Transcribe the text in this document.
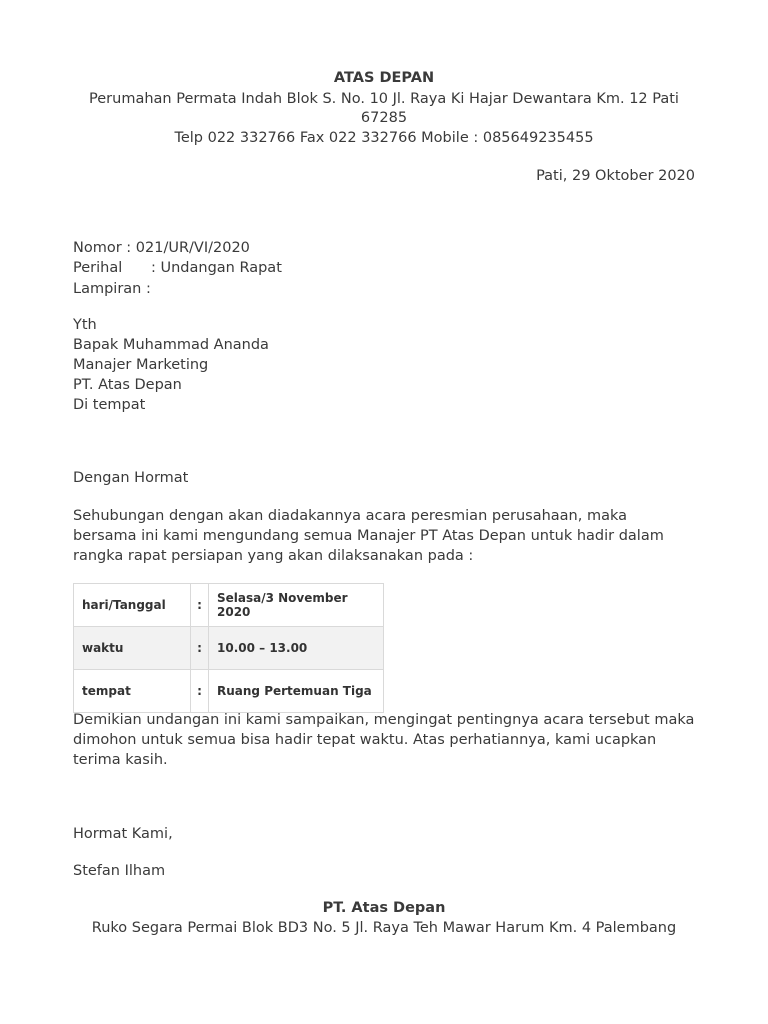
ATAS DEPAN
Perumahan Permata Indah Blok S. No. 10 Jl. Raya Ki Hajar Dewantara Km. 12 Pati
67285
Telp 022 332766 Fax 022 332766 Mobile : 085649235455
Pati, 29 Oktober 2020
Nomor : 021/UR/VI/2020
Perihal : Undangan Rapat
Lampiran :
Yth
Bapak Muhammad Ananda
Manajer Marketing
PT. Atas Depan
Di tempat
Dengan Hormat
Sehubungan dengan akan diadakannya acara peresmian perusahaan, maka
bersama ini kami mengundang semua Manajer PT Atas Depan untuk hadir dalam
rangka rapat persiapan yang akan dilaksanakan pada :
hari/Tanggal	:	Selasa/3 November 2020
waktu	:	10.00 – 13.00
tempat	:	Ruang Pertemuan Tiga
Demikian undangan ini kami sampaikan, mengingat pentingnya acara tersebut maka
dimohon untuk semua bisa hadir tepat waktu. Atas perhatiannya, kami ucapkan
terima kasih.
Hormat Kami,
Stefan Ilham
PT. Atas Depan
Ruko Segara Permai Blok BD3 No. 5 Jl. Raya Teh Mawar Harum Km. 4 Palembang
